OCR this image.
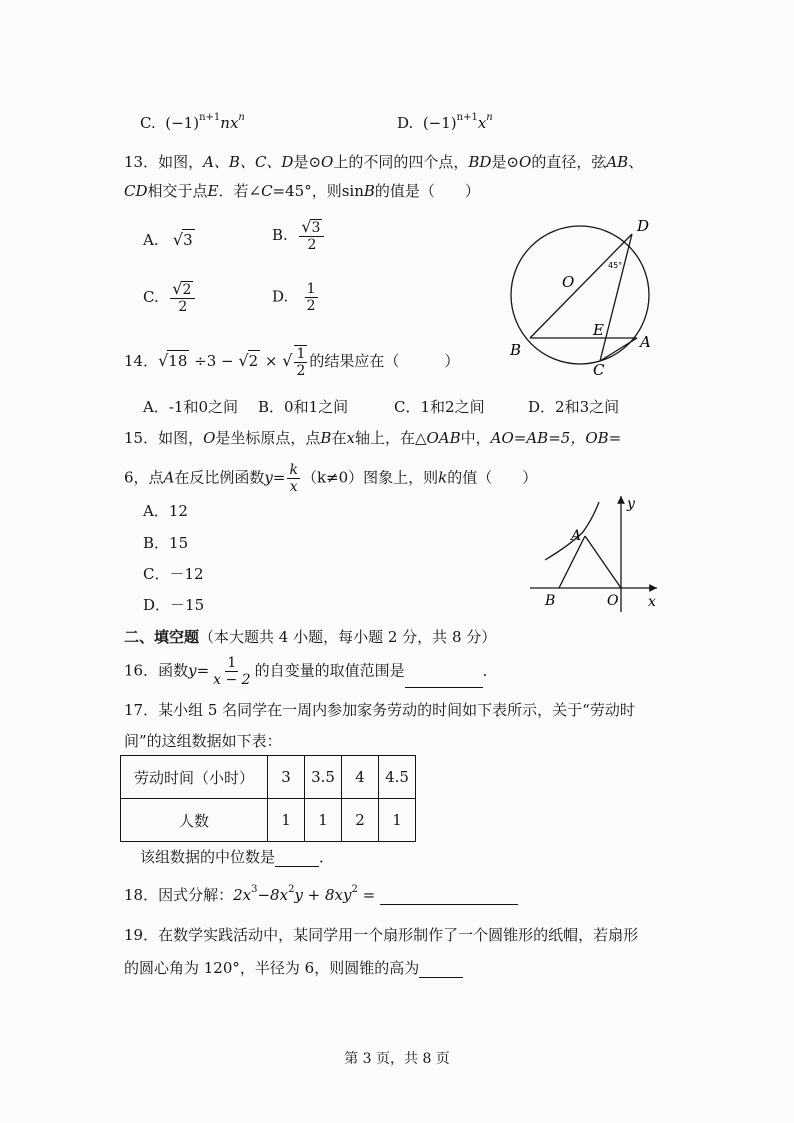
C. $(-1)^{n+1}nx^n$	D. $(-1)^{n+1}x^n$
13．如图，A、B、C、D是⊙O上的不同的四个点，BD是⊙O的直径，弦AB、
CD相交于点E．若∠C=45°，则sinB的值是（　　）
A. √3	B. $\frac{√3}{2}$
C. $\frac{√2}{2}$	D. $\frac{1}{2}$
D
O
E
A
B
C
45°
14．√18 ÷3 − √2 × √ $\frac{1}{2}$ 的结果应在（　　　）
A．-1和0之间 B．0和1之间	C．1和2之间	D．2和3之间
15．如图，O是坐标原点，点B在x轴上，在△OAB中，AO=AB=5，OB=
6，点A在反比例函数$y= \frac{k}{x} (k\ne 0)$图象上，则k的值（　　）
A．12
B．15
C．－12
D．－15
y
A
B	O x
二、填空题（本大题共 4 小题，每小题 2 分，共 8 分）
16．函数$y= \frac{1}{x - 2}$ 的自变量的取值范围是	．
17．某小组 5 名同学在一周内参加家务劳动的时间如下表所示，关于“劳动时
间”的这组数据如下表：
劳动时间（小时）	3	3.5	4	4.5
人数	1	1	2	1
该组数据的中位数是	．
18．因式分解：$2x^3-8x^2y + 8xy^2$ =
19．在数学实践活动中，某同学用一个扇形制作了一个圆锥形的纸帽，若扇形
的圆心角为 120°，半径为 6，则圆锥的高为
第 3 页，共 8 页
